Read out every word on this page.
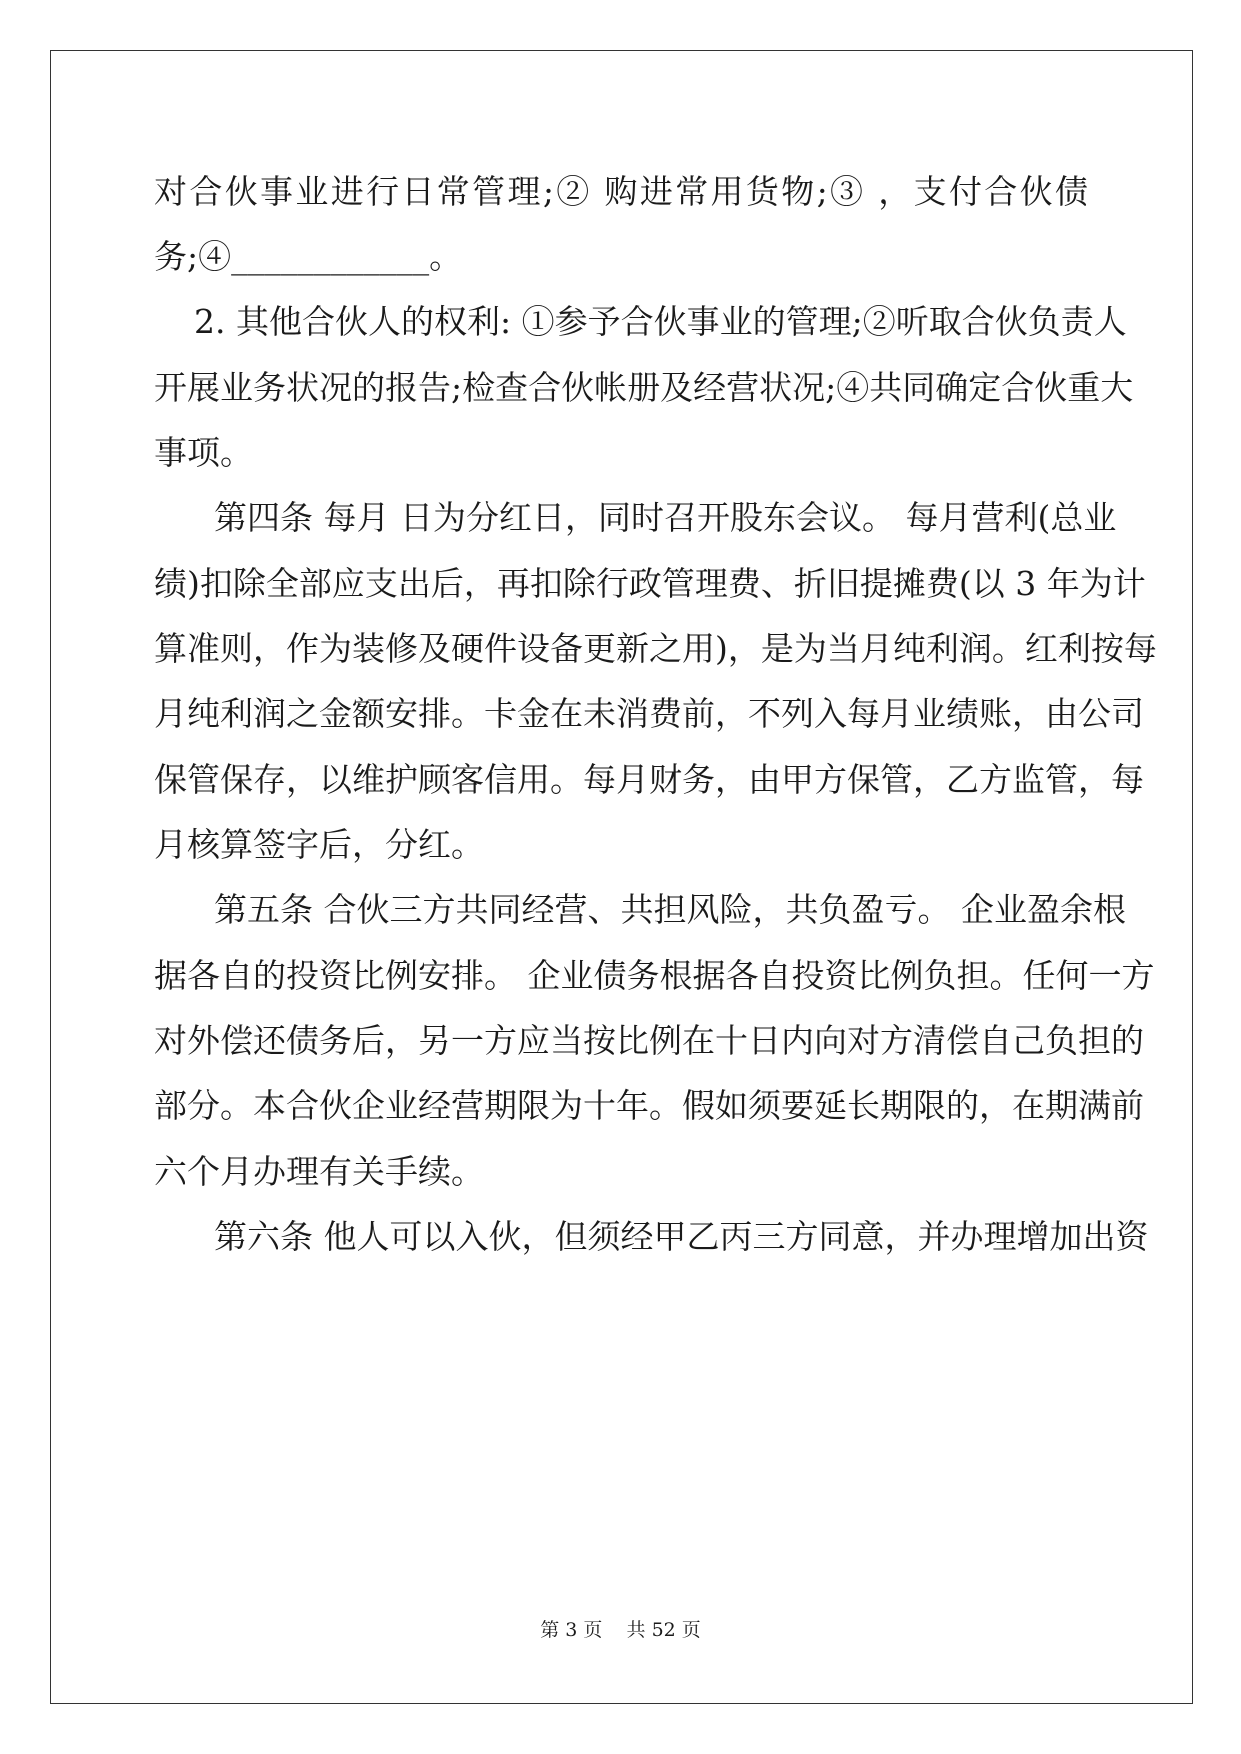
对合伙事业进行日常管理;② 购进常用货物;③ ，支付合伙债
务;④____________。
2. 其他合伙人的权利: ①参予合伙事业的管理;②听取合伙负责人
开展业务状况的报告;检查合伙帐册及经营状况;④共同确定合伙重大
事项。
第四条 每月 日为分红日，同时召开股东会议。 每月营利(总业
绩)扣除全部应支出后，再扣除行政管理费、折旧提摊费(以 3 年为计
算准则，作为装修及硬件设备更新之用)，是为当月纯利润。红利按每
月纯利润之金额安排。卡金在未消费前，不列入每月业绩账，由公司
保管保存，以维护顾客信用。每月财务，由甲方保管，乙方监管，每
月核算签字后，分红。
第五条 合伙三方共同经营、共担风险，共负盈亏。 企业盈余根
据各自的投资比例安排。 企业债务根据各自投资比例负担。任何一方
对外偿还债务后，另一方应当按比例在十日内向对方清偿自己负担的
部分。本合伙企业经营期限为十年。假如须要延长期限的，在期满前
六个月办理有关手续。
第六条 他人可以入伙，但须经甲乙丙三方同意，并办理增加出资
第 3 页    共 52 页
